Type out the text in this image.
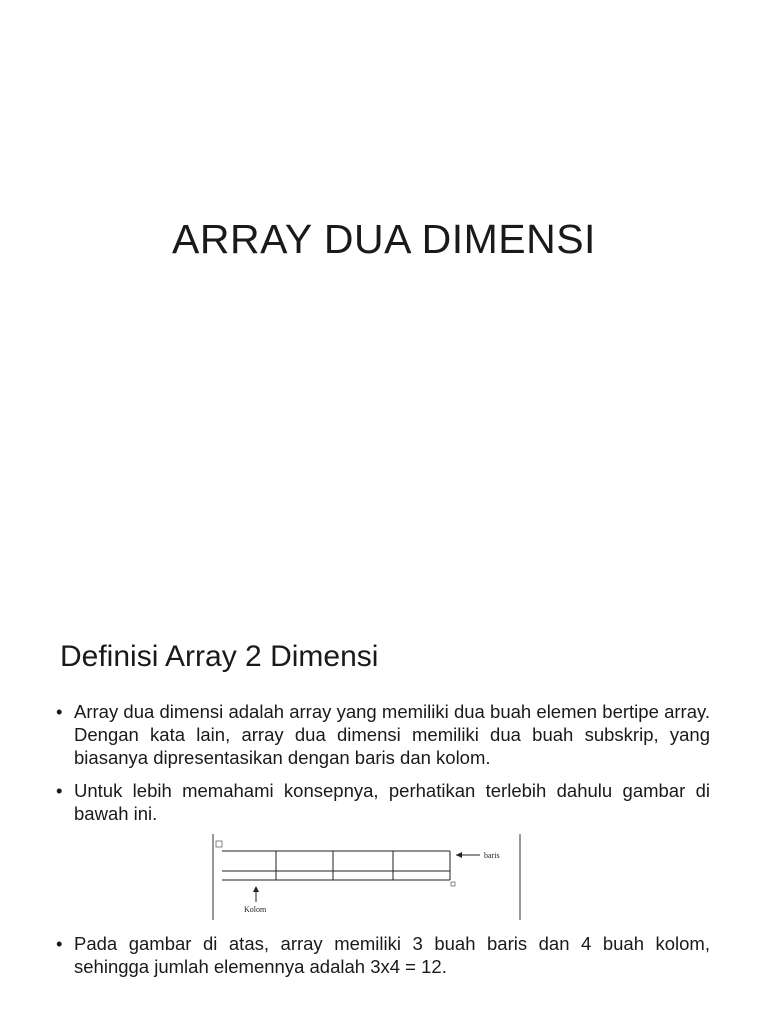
ARRAY DUA DIMENSI
Definisi Array 2 Dimensi
• Array dua dimensi adalah array yang memiliki dua buah elemen bertipe array. Dengan kata lain, array dua dimensi memiliki dua buah subskrip, yang biasanya dipresentasikan dengan baris dan kolom.
• Untuk lebih memahami konsepnya, perhatikan terlebih dahulu gambar di bawah ini.
baris
Kolom
• Pada gambar di atas, array memiliki 3 buah baris dan 4 buah kolom, sehingga jumlah elemennya adalah 3x4 = 12.
